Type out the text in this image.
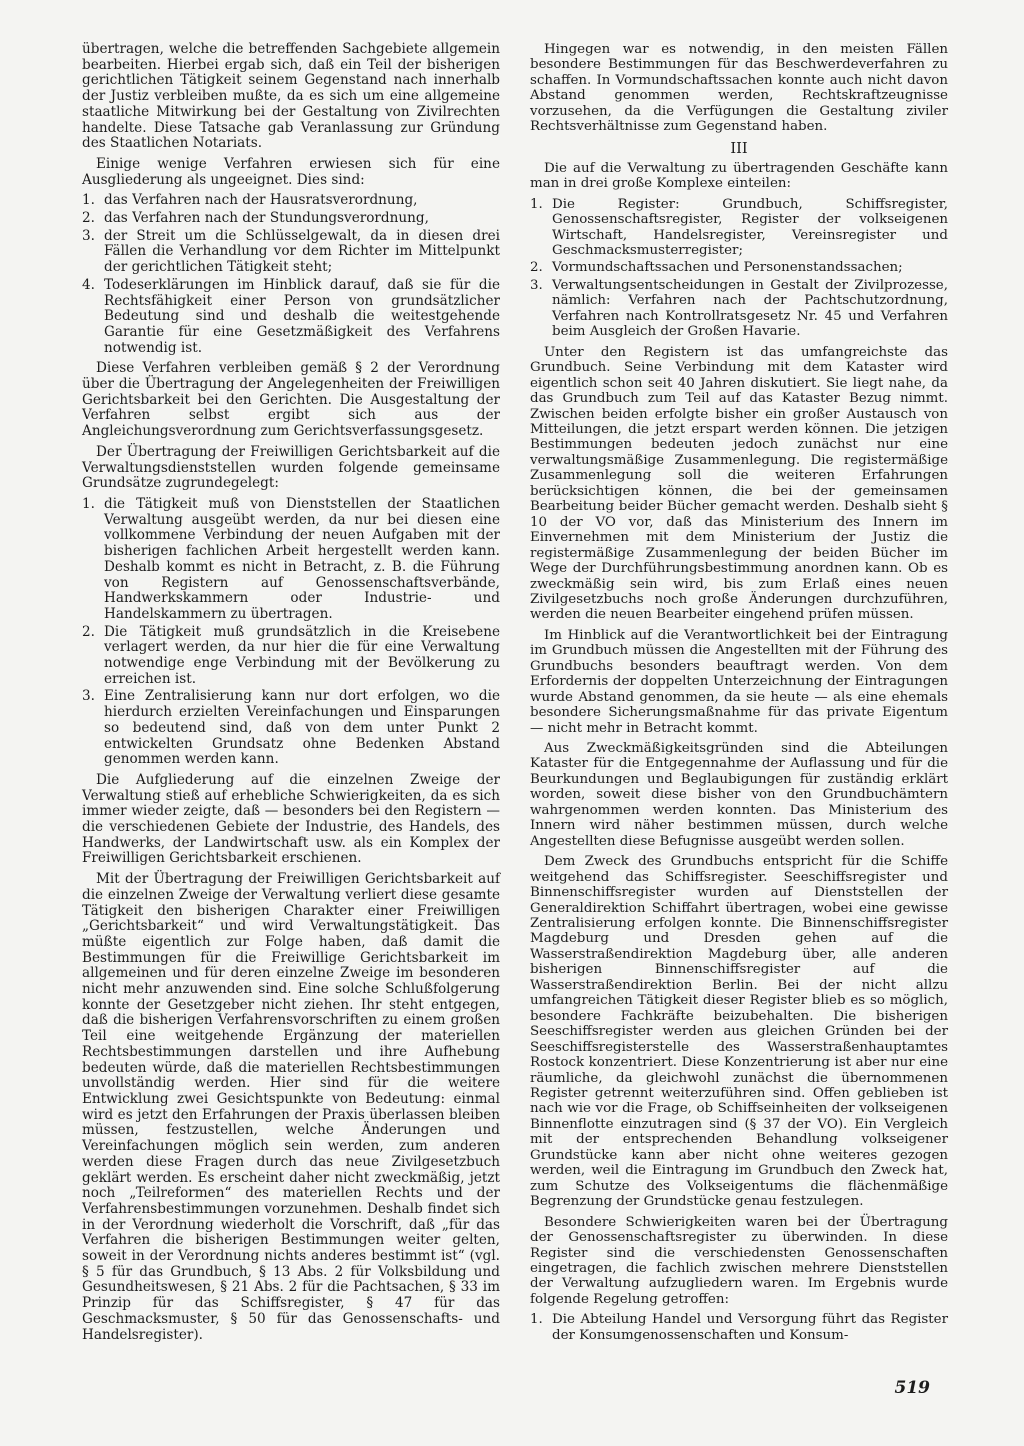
übertragen, welche die betreffenden Sachgebiete allgemein bearbeiten. Hierbei ergab sich, daß ein Teil der bisherigen gerichtlichen Tätigkeit seinem Gegenstand nach innerhalb der Justiz verbleiben mußte, da es sich um eine allgemeine staatliche Mitwirkung bei der Gestaltung von Zivilrechten handelte. Diese Tatsache gab Veranlassung zur Gründung des Staatlichen Notariats.

Einige wenige Verfahren erwiesen sich für eine Ausgliederung als ungeeignet. Dies sind:

1. das Verfahren nach der Hausratsverordnung,
2. das Verfahren nach der Stundungsverordnung,
3. der Streit um die Schlüsselgewalt, da in diesen drei Fällen die Verhandlung vor dem Richter im Mittelpunkt der gerichtlichen Tätigkeit steht;
4. Todeserklärungen im Hinblick darauf, daß sie für die Rechtsfähigkeit einer Person von grundsätzlicher Bedeutung sind und deshalb die weitestgehende Garantie für eine Gesetzmäßigkeit des Verfahrens notwendig ist.

Diese Verfahren verbleiben gemäß § 2 der Verordnung über die Übertragung der Angelegenheiten der Freiwilligen Gerichtsbarkeit bei den Gerichten. Die Ausgestaltung der Verfahren selbst ergibt sich aus der Angleichungsverordnung zum Gerichtsverfassungsgesetz.

Der Übertragung der Freiwilligen Gerichtsbarkeit auf die Verwaltungsdienststellen wurden folgende gemeinsame Grundsätze zugrundegelegt:

1. die Tätigkeit muß von Dienststellen der Staatlichen Verwaltung ausgeübt werden, da nur bei diesen eine vollkommene Verbindung der neuen Aufgaben mit der bisherigen fachlichen Arbeit hergestellt werden kann. Deshalb kommt es nicht in Betracht, z. B. die Führung von Registern auf Genossenschaftsverbände, Handwerkskammern oder Industrie- und Handelskammern zu übertragen.
2. Die Tätigkeit muß grundsätzlich in die Kreisebene verlagert werden, da nur hier die für eine Verwaltung notwendige enge Verbindung mit der Bevölkerung zu erreichen ist.
3. Eine Zentralisierung kann nur dort erfolgen, wo die hierdurch erzielten Vereinfachungen und Einsparungen so bedeutend sind, daß von dem unter Punkt 2 entwickelten Grundsatz ohne Bedenken Abstand genommen werden kann.

Die Aufgliederung auf die einzelnen Zweige der Verwaltung stieß auf erhebliche Schwierigkeiten, da es sich immer wieder zeigte, daß — besonders bei den Registern — die verschiedenen Gebiete der Industrie, des Handels, des Handwerks, der Landwirtschaft usw. als ein Komplex der Freiwilligen Gerichtsbarkeit erschienen.

Mit der Übertragung der Freiwilligen Gerichtsbarkeit auf die einzelnen Zweige der Verwaltung verliert diese gesamte Tätigkeit den bisherigen Charakter einer Freiwilligen „Gerichtsbarkeit“ und wird Verwaltungstätigkeit. Das müßte eigentlich zur Folge haben, daß damit die Bestimmungen für die Freiwillige Gerichtsbarkeit im allgemeinen und für deren einzelne Zweige im besonderen nicht mehr anzuwenden sind. Eine solche Schlußfolgerung konnte der Gesetzgeber nicht ziehen. Ihr steht entgegen, daß die bisherigen Verfahrensvorschriften zu einem großen Teil eine weitgehende Ergänzung der materiellen Rechtsbestimmungen darstellen und ihre Aufhebung bedeuten würde, daß die materiellen Rechtsbestimmungen unvollständig werden. Hier sind für die weitere Entwicklung zwei Gesichtspunkte von Bedeutung: einmal wird es jetzt den Erfahrungen der Praxis überlassen bleiben müssen, festzustellen, welche Änderungen und Vereinfachungen möglich sein werden, zum anderen werden diese Fragen durch das neue Zivilgesetzbuch geklärt werden. Es erscheint daher nicht zweckmäßig, jetzt noch „Teilreformen“ des materiellen Rechts und der Verfahrensbestimmungen vorzunehmen. Deshalb findet sich in der Verordnung wiederholt die Vorschrift, daß „für das Verfahren die bisherigen Bestimmungen weiter gelten, soweit in der Verordnung nichts anderes bestimmt ist“ (vgl. § 5 für das Grundbuch, § 13 Abs. 2 für Volksbildung und Gesundheitswesen, § 21 Abs. 2 für die Pachtsachen, § 33 im Prinzip für das Schiffsregister, § 47 für das Geschmacksmuster, § 50 für das Genossenschafts- und Handelsregister).

Hingegen war es notwendig, in den meisten Fällen besondere Bestimmungen für das Beschwerdeverfahren zu schaffen. In Vormundschaftssachen konnte auch nicht davon Abstand genommen werden, Rechtskraftzeugnisse vorzusehen, da die Verfügungen die Gestaltung ziviler Rechtsverhältnisse zum Gegenstand haben.

III

Die auf die Verwaltung zu übertragenden Geschäfte kann man in drei große Komplexe einteilen:

1. Die Register: Grundbuch, Schiffsregister, Genossenschaftsregister, Register der volkseigenen Wirtschaft, Handelsregister, Vereinsregister und Geschmacksmusterregister;
2. Vormundschaftssachen und Personenstandssachen;
3. Verwaltungsentscheidungen in Gestalt der Zivilprozesse, nämlich: Verfahren nach der Pachtschutzordnung, Verfahren nach Kontrollratsgesetz Nr. 45 und Verfahren beim Ausgleich der Großen Havarie.

Unter den Registern ist das umfangreichste das Grundbuch. Seine Verbindung mit dem Kataster wird eigentlich schon seit 40 Jahren diskutiert. Sie liegt nahe, da das Grundbuch zum Teil auf das Kataster Bezug nimmt. Zwischen beiden erfolgte bisher ein großer Austausch von Mitteilungen, die jetzt erspart werden können. Die jetzigen Bestimmungen bedeuten jedoch zunächst nur eine verwaltungsmäßige Zusammenlegung. Die registermäßige Zusammenlegung soll die weiteren Erfahrungen berücksichtigen können, die bei der gemeinsamen Bearbeitung beider Bücher gemacht werden. Deshalb sieht § 10 der VO vor, daß das Ministerium des Innern im Einvernehmen mit dem Ministerium der Justiz die registermäßige Zusammenlegung der beiden Bücher im Wege der Durchführungsbestimmung anordnen kann. Ob es zweckmäßig sein wird, bis zum Erlaß eines neuen Zivilgesetzbuchs noch große Änderungen durchzuführen, werden die neuen Bearbeiter eingehend prüfen müssen.

Im Hinblick auf die Verantwortlichkeit bei der Eintragung im Grundbuch müssen die Angestellten mit der Führung des Grundbuchs besonders beauftragt werden. Von dem Erfordernis der doppelten Unterzeichnung der Eintragungen wurde Abstand genommen, da sie heute — als eine ehemals besondere Sicherungsmaßnahme für das private Eigentum — nicht mehr in Betracht kommt.

Aus Zweckmäßigkeitsgründen sind die Abteilungen Kataster für die Entgegennahme der Auflassung und für die Beurkundungen und Beglaubigungen für zuständig erklärt worden, soweit diese bisher von den Grundbuchämtern wahrgenommen werden konnten. Das Ministerium des Innern wird näher bestimmen müssen, durch welche Angestellten diese Befugnisse ausgeübt werden sollen.

Dem Zweck des Grundbuchs entspricht für die Schiffe weitgehend das Schiffsregister. Seeschiffsregister und Binnenschiffsregister wurden auf Dienststellen der Generaldirektion Schiffahrt übertragen, wobei eine gewisse Zentralisierung erfolgen konnte. Die Binnenschiffsregister Magdeburg und Dresden gehen auf die Wasserstraßendirektion Magdeburg über, alle anderen bisherigen Binnenschiffsregister auf die Wasserstraßendirektion Berlin. Bei der nicht allzu umfangreichen Tätigkeit dieser Register blieb es so möglich, besondere Fachkräfte beizubehalten. Die bisherigen Seeschiffsregister werden aus gleichen Gründen bei der Seeschiffsregisterstelle des Wasserstraßenhauptamtes Rostock konzentriert. Diese Konzentrierung ist aber nur eine räumliche, da gleichwohl zunächst die übernommenen Register getrennt weiterzuführen sind. Offen geblieben ist nach wie vor die Frage, ob Schiffseinheiten der volkseigenen Binnenflotte einzutragen sind (§ 37 der VO). Ein Vergleich mit der entsprechenden Behandlung volkseigener Grundstücke kann aber nicht ohne weiteres gezogen werden, weil die Eintragung im Grundbuch den Zweck hat, zum Schutze des Volkseigentums die flächenmäßige Begrenzung der Grundstücke genau festzulegen.

Besondere Schwierigkeiten waren bei der Übertragung der Genossenschaftsregister zu überwinden. In diese Register sind die verschiedensten Genossenschaften eingetragen, die fachlich zwischen mehrere Dienststellen der Verwaltung aufzugliedern waren. Im Ergebnis wurde folgende Regelung getroffen:

1. Die Abteilung Handel und Versorgung führt das Register der Konsumgenossenschaften und Konsum-
519
